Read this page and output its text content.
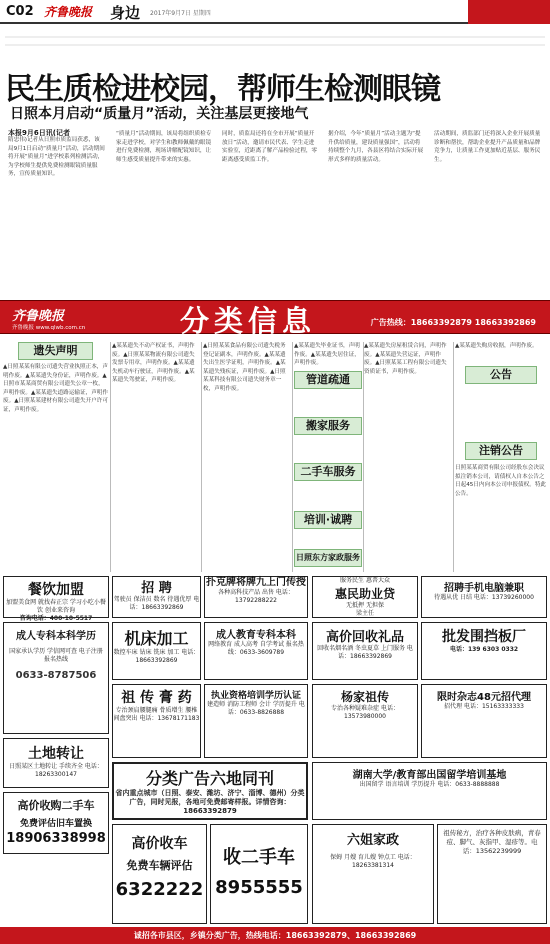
C02 齐鲁晚报 身边 2017年9月7日 星期四
民生质检进校园，帮师生检测眼镜
日照本月启动“质量月”活动，关注基层更接地气
本报9月6日讯(记者
隋忠伟)记者从日照市质监局获悉，该局9月1日启动“质量月”活动，活动期间将开展“质量月”进学校系列检测活动，为学校师生提供免费检测眼镜质量服务，宣传质量知识。
“质量月”活动期间，该局将组织质检专家走进学校，对学生和教师佩戴的眼镜进行免费检测，现场讲解配镜知识，让师生感受质量提升带来的实惠。
同时，质监局还将在全市开展“质量开放日”活动，邀请市民代表、学生走进实验室，近距离了解产品检验过程，零距离感受质监工作。
据介绍，今年“质量月”活动主题为“提升供给质量，建设质量强国”，活动将持续整个九月，各县区将结合实际开展形式多样的质量活动。
活动期间，质监部门还将深入企业开展质量诊断和帮扶，帮助企业提升产品质量和品牌竞争力，让质量工作更加贴近基层、服务民生。
齐鲁晚报
齐鲁晚报 www.qlwb.com.cn	分类信息	广告热线：18663392879 18663392869
遗失声明
▲日照某某有限公司遗失营业执照正本，声明作废。▲某某遗失身份证，声明作废。▲日照市某某商贸有限公司遗失公章一枚，声明作废。▲某某遗失道路运输证，声明作废。▲日照某某建材有限公司遗失开户许可证，声明作废。
▲某某遗失不动产权证书，声明作废。▲日照某某物流有限公司遗失发票专用章，声明作废。▲某某遗失机动车行驶证，声明作废。▲某某遗失驾驶证，声明作废。
▲日照某某食品有限公司遗失税务登记证副本，声明作废。▲某某遗失出生医学证明，声明作废。▲某某遗失残疾证，声明作废。▲日照某某科技有限公司遗失财务章一枚，声明作废。
▲某某遗失毕业证书，声明作废。▲某某遗失居住证，声明作废。
管道疏通
搬家服务
二手车服务
培训·诚聘
日照东方家政服务
▲某某遗失房屋租赁合同，声明作废。▲某某遗失营运证，声明作废。▲日照某某工程有限公司遗失资质证书，声明作废。
▲某某遗失购房收据，声明作废。
公告
注销公告
日照某某商贸有限公司经股东会决议拟注销本公司，请债权人自本公告之日起45日内向本公司申报债权。特此公告。
餐饮加盟
加盟美食网 就找春正宗 学习小吃小餐饮 创业来咨询
咨询电话：400-10-5517
招 聘
驾驶员 保洁员 数名 待遇优厚 电话：18663392869
扑克牌将牌九上门传授
各种高科技产品 出售 电话：13792288222
服务民生 惠普大众
惠民助业贷
无抵押 无担保
梁主任
招聘手机电脑兼职
待遇从优 日结 电话：13739260000
成人专科本科学历
国家承认学历 学信网可查 电子注册 报名热线
0633-8787506
机床加工
数控车床 钻床 铣床 加工 电话：18663392869
成人教育专科本科
网络教育 成人高考 自学考试 报名热线：0633-3609789
高价回收礼品
回收名烟名酒 冬虫夏草 上门服务 电话：18663392869
批发围挡板厂
电话：139 6303 0332
祖 传 膏 药
专治颈肩腰腿痛 骨质增生 腰椎间盘突出 电话：13678171183
执业资格培训学历认证
建造师 消防工程师 会计 学历提升 电话：0633-8826888
杨家祖传
专治各种疑难杂症 电话：13573980000
限时杂志48元招代理
招代理 电话：15163333333
土地转让
日照某区土地转让 手续齐全 电话：18263300147	分类广告六地同刊
省内重点城市（日照、泰安、潍坊、济宁、淄博、德州）分类广告，同时见报，各地可免费邮寄样报。详情咨询：18663392879
湖南大学/教育部出国留学培训基地
出国留学 语言培训 学历提升 电话：0633-8888888
高价收购二手车
免费评估旧车置换
18906338998	高价收车
免费车辆评估
6322222
收二手车
8955555
六姐家政
保姆 月嫂 育儿嫂 钟点工 电话：18263381314
祖传秘方，治疗各种皮肤病，青春痘、脚气、灰指甲、湿疹等。电话：13562239999
诚招各市县区，乡镇分类广告，热线电话：18663392879、18663392869
